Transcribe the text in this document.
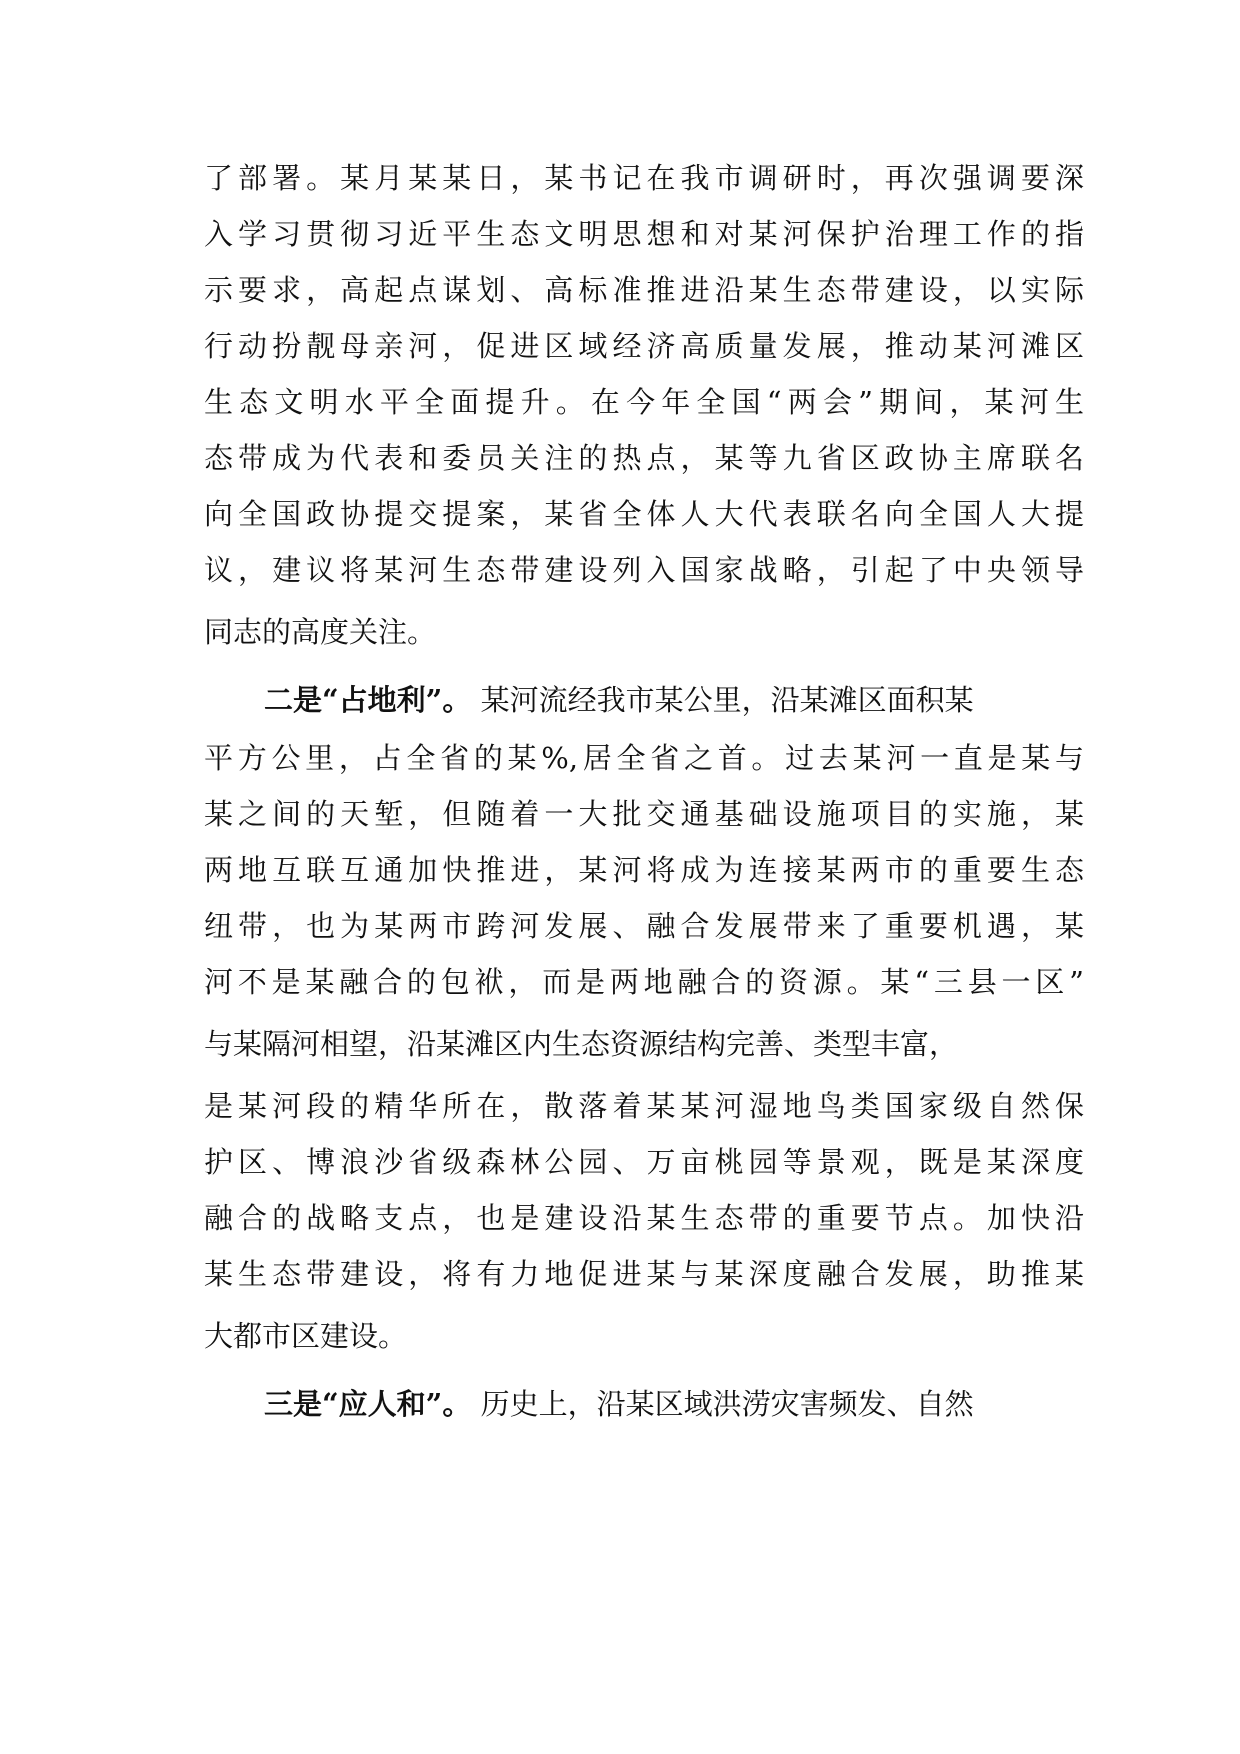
了部署。某月某某日，某书记在我市调研时，再次强调要深
入学习贯彻习近平生态文明思想和对某河保护治理工作的指
示要求，高起点谋划、高标准推进沿某生态带建设，以实际
行动扮靓母亲河，促进区域经济高质量发展，推动某河滩区
生态文明水平全面提升。在今年全国“两会”期间，某河生
态带成为代表和委员关注的热点，某等九省区政协主席联名
向全国政协提交提案，某省全体人大代表联名向全国人大提
议，建议将某河生态带建设列入国家战略，引起了中央领导
同志的高度关注。
二是“占地利”。 某河流经我市某公里，沿某滩区面积某
平方公里，占全省的某%,居全省之首。过去某河一直是某与
某之间的天堑，但随着一大批交通基础设施项目的实施，某
两地互联互通加快推进，某河将成为连接某两市的重要生态
纽带，也为某两市跨河发展、融合发展带来了重要机遇，某
河不是某融合的包袱，而是两地融合的资源。某“三县一区”
与某隔河相望，沿某滩区内生态资源结构完善、类型丰富，
是某河段的精华所在，散落着某某河湿地鸟类国家级自然保
护区、博浪沙省级森林公园、万亩桃园等景观，既是某深度
融合的战略支点，也是建设沿某生态带的重要节点。加快沿
某生态带建设，将有力地促进某与某深度融合发展，助推某
大都市区建设。
三是“应人和”。 历史上，沿某区域洪涝灾害频发、自然
